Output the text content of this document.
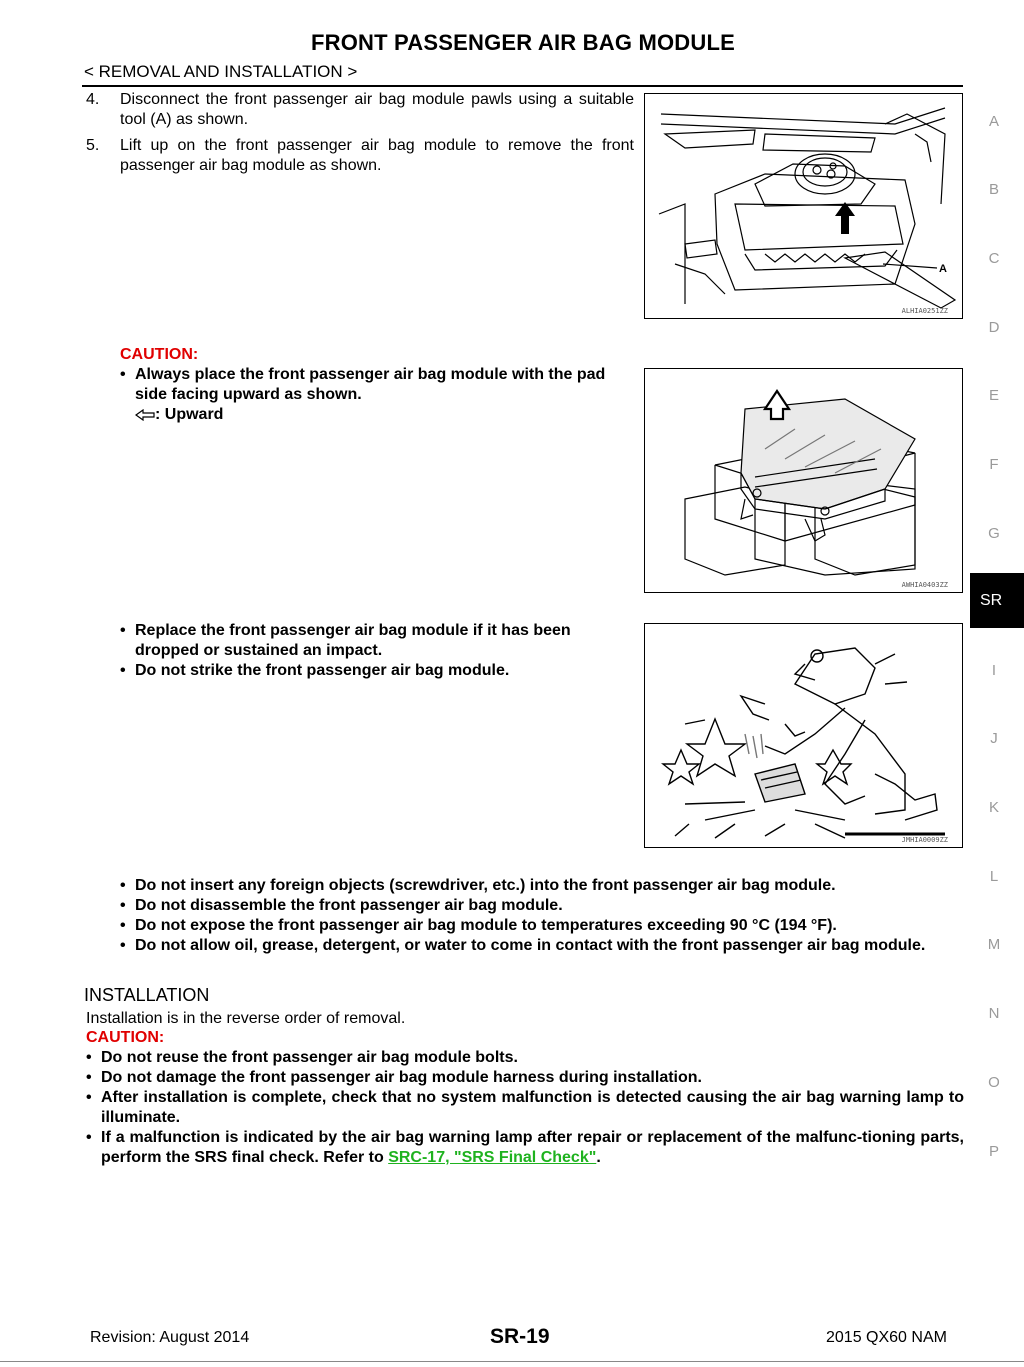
FRONT PASSENGER AIR BAG MODULE
< REMOVAL AND INSTALLATION >
4. Disconnect the front passenger air bag module pawls using a suitable tool (A) as shown.
5. Lift up on the front passenger air bag module to remove the front passenger air bag module as shown.
A
ALHIA0251ZZ
CAUTION:
• Always place the front passenger air bag module with the pad side facing upward as shown.
: Upward
AWHIA0403ZZ
• Replace the front passenger air bag module if it has been dropped or sustained an impact.
• Do not strike the front passenger air bag module.
JMHIA0009ZZ
• Do not insert any foreign objects (screwdriver, etc.) into the front passenger air bag module.
• Do not disassemble the front passenger air bag module.
• Do not expose the front passenger air bag module to temperatures exceeding 90 °C (194 °F).
• Do not allow oil, grease, detergent, or water to come in contact with the front passenger air bag module.
INSTALLATION
Installation is in the reverse order of removal.
CAUTION:
• Do not reuse the front passenger air bag module bolts.
• Do not damage the front passenger air bag module harness during installation.
• After installation is complete, check that no system malfunction is detected causing the air bag warning lamp to illuminate.
• If a malfunction is indicated by the air bag warning lamp after repair or replacement of the malfunc-tioning parts, perform the SRS final check. Refer to SRC-17, "SRS Final Check".
A
B
C
D
E
F
G
SR
I
J
K
L
M
N
O
P
Revision: August 2014	SR-19	2015 QX60 NAM
